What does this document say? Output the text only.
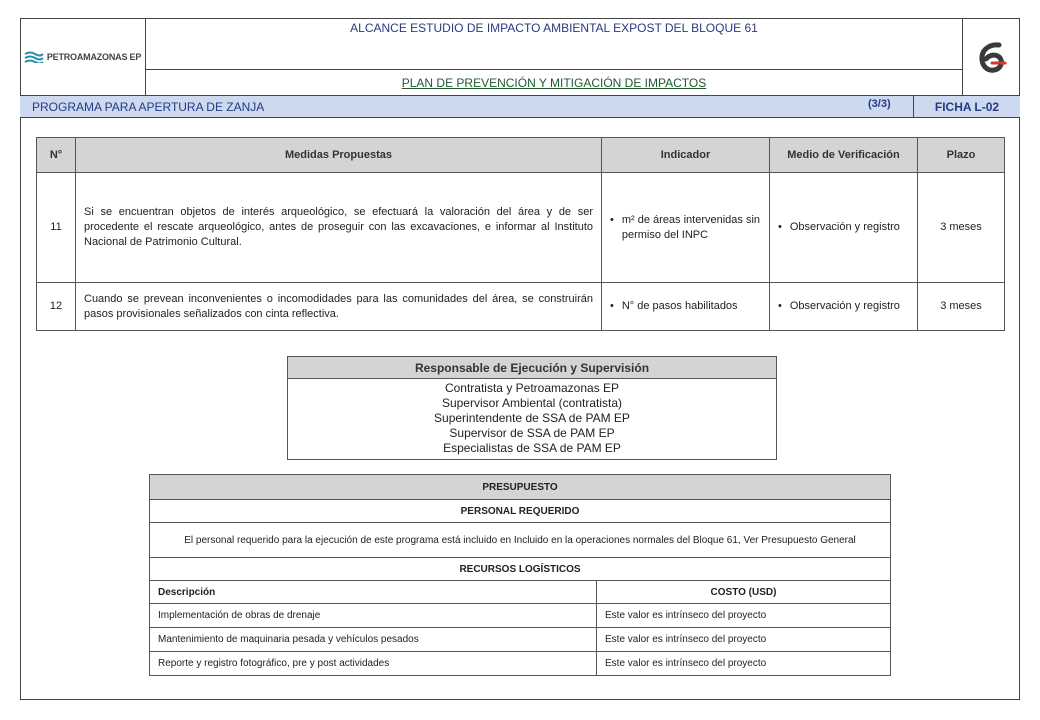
PETROAMAZONAS EP
ALCANCE ESTUDIO DE IMPACTO AMBIENTAL EXPOST DEL BLOQUE 61
PLAN DE PREVENCIÓN Y MITIGACIÓN DE IMPACTOS
PROGRAMA PARA APERTURA DE ZANJA	(3/3)	FICHA L-02
N°	Medidas Propuestas	Indicador	Medio de Verificación	Plazo
11	Si se encuentran objetos de interés arqueológico, se efectuará la valoración del área y de ser procedente el rescate arqueológico, antes de proseguir con las excavaciones, e informar al Instituto Nacional de Patrimonio Cultural.	• m² de áreas intervenidas sin permiso del INPC	• Observación y registro	3 meses
12	Cuando se prevean inconvenientes o incomodidades para las comunidades del área, se construirán pasos provisionales señalizados con cinta reflectiva.	• N° de pasos habilitados	• Observación y registro	3 meses
Responsable de Ejecución y Supervisión

Contratista y Petroamazonas EP
Supervisor Ambiental (contratista)
Superintendente de SSA de PAM EP
Supervisor de SSA de PAM EP
Especialistas de SSA de PAM EP
PRESUPUESTO	
PERSONAL REQUERIDO	
El personal requerido para la ejecución de este programa está incluido en Incluido en la operaciones normales del Bloque 61, Ver Presupuesto General	
RECURSOS LOGÍSTICOS	
Descripción	COSTO (USD)
Implementación de obras de drenaje	Este valor es intrínseco del proyecto
Mantenimiento de maquinaria pesada y vehículos pesados	Este valor es intrínseco del proyecto
Reporte y registro fotográfico, pre y post actividades	Este valor es intrínseco del proyecto
